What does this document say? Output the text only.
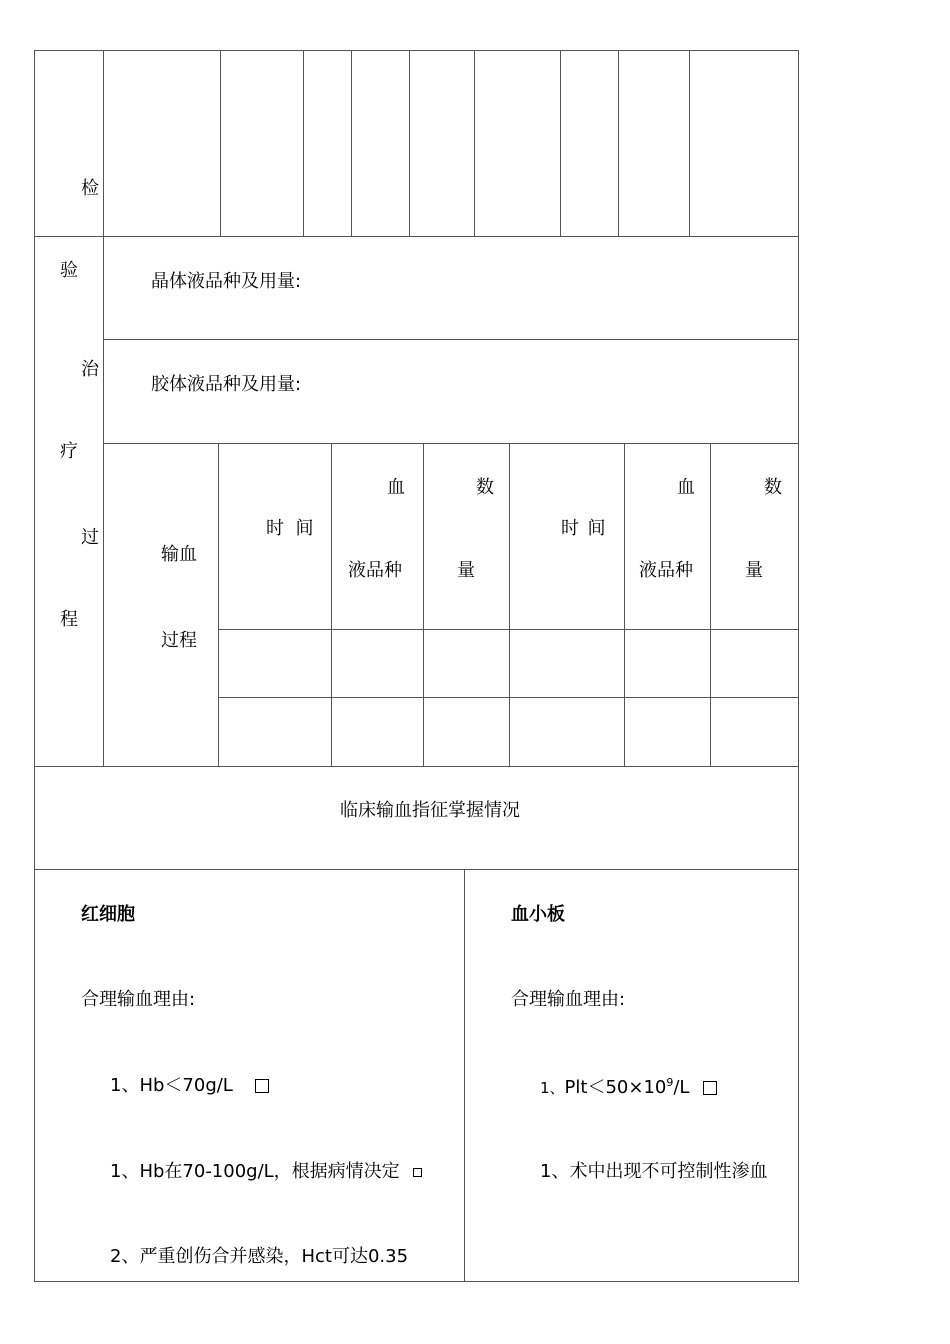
检
验
治
疗
过
程
晶体液品种及用量:
胶体液品种及用量:
输血
过程
时  间
血
液品种
数
量
时  间
血
液品种
数
量
临床输血指征掌握情况
红细胞
合理输血理由:
1、Hb＜70g/L
1、Hb在70-100g/L，根据病情决定
2、严重创伤合并感染，Hct可达0.35
血小板
合理输血理由:
1、$Plt<50\times 10^9/L$
1、术中出现不可控制性渗血
